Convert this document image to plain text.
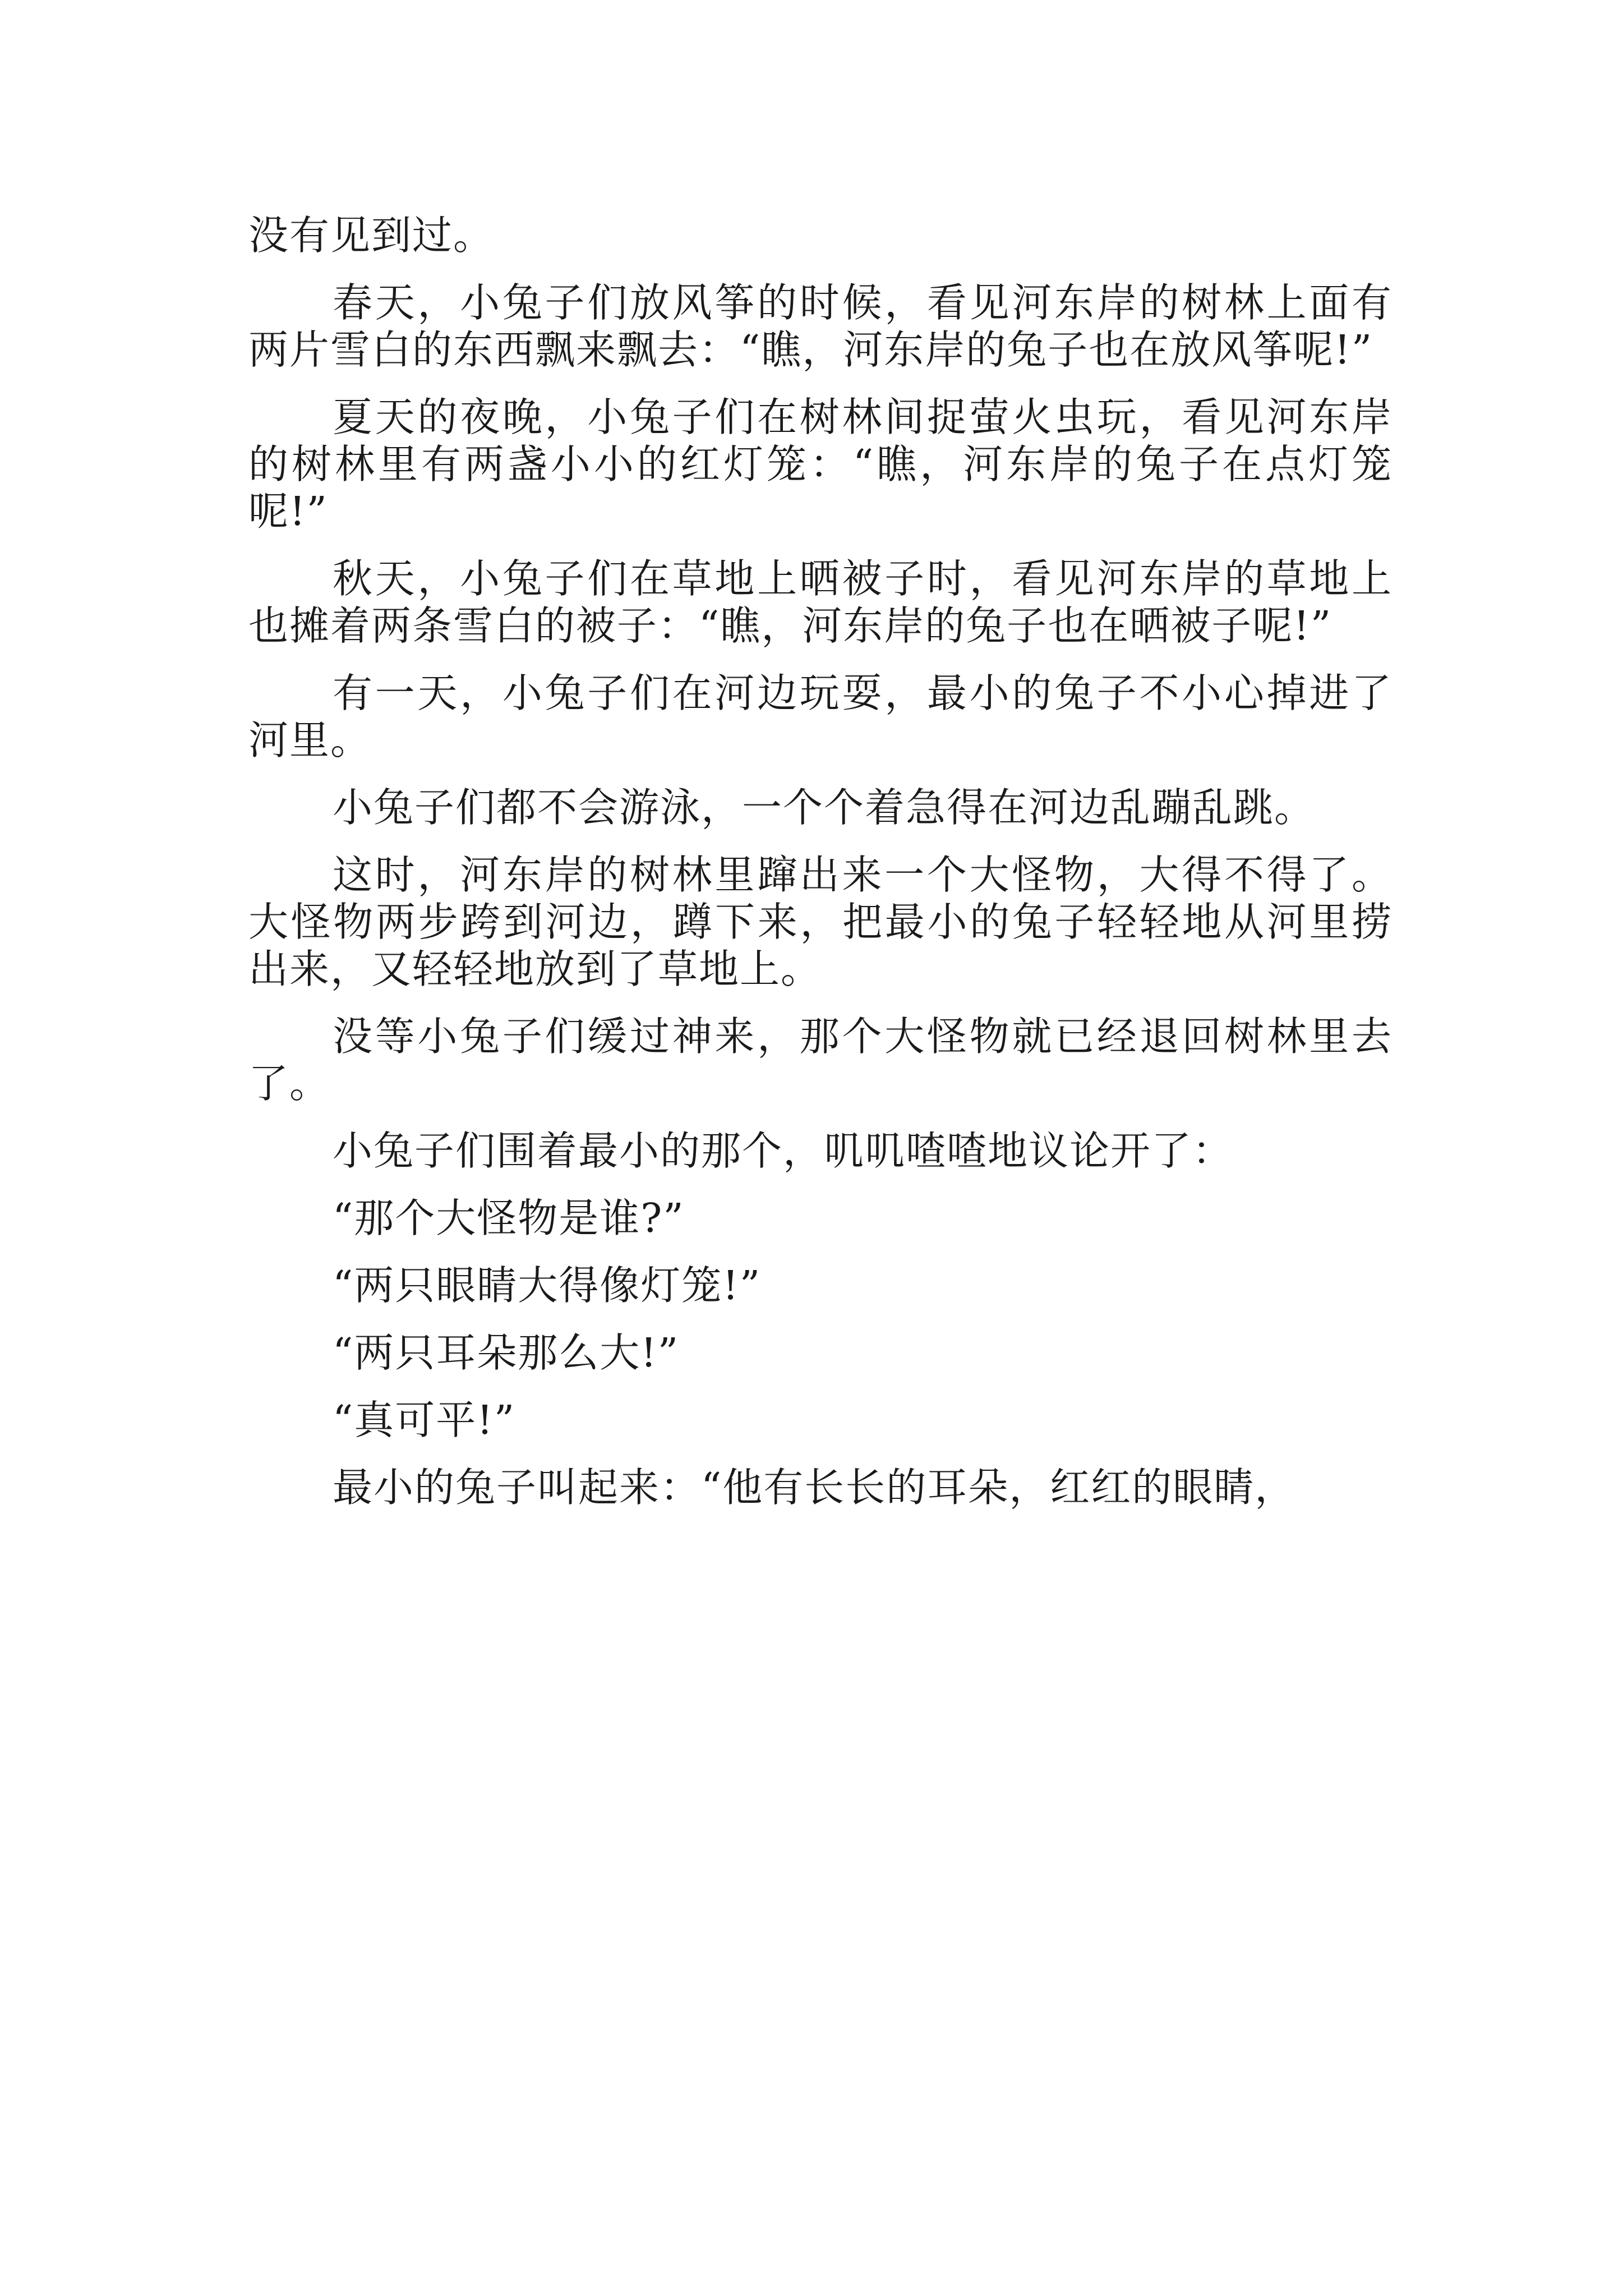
没有见到过。

春天，小兔子们放风筝的时候，看见河东岸的树林上面有两片雪白的东西飘来飘去：“瞧，河东岸的兔子也在放风筝呢!”

夏天的夜晚，小兔子们在树林间捉萤火虫玩，看见河东岸的树林里有两盏小小的红灯笼：“瞧，河东岸的兔子在点灯笼呢!”

秋天，小兔子们在草地上晒被子时，看见河东岸的草地上也摊着两条雪白的被子：“瞧，河东岸的兔子也在晒被子呢!”

有一天，小兔子们在河边玩耍，最小的兔子不小心掉进了河里。

小兔子们都不会游泳，一个个着急得在河边乱蹦乱跳。

这时，河东岸的树林里蹿出来一个大怪物，大得不得了。大怪物两步跨到河边，蹲下来，把最小的兔子轻轻地从河里捞出来，又轻轻地放到了草地上。

没等小兔子们缓过神来，那个大怪物就已经退回树林里去了。

小兔子们围着最小的那个，叽叽喳喳地议论开了：

“那个大怪物是谁?”

“两只眼睛大得像灯笼!”

“两只耳朵那么大!”

“真可平!”

最小的兔子叫起来：“他有长长的耳朵，红红的眼睛，
